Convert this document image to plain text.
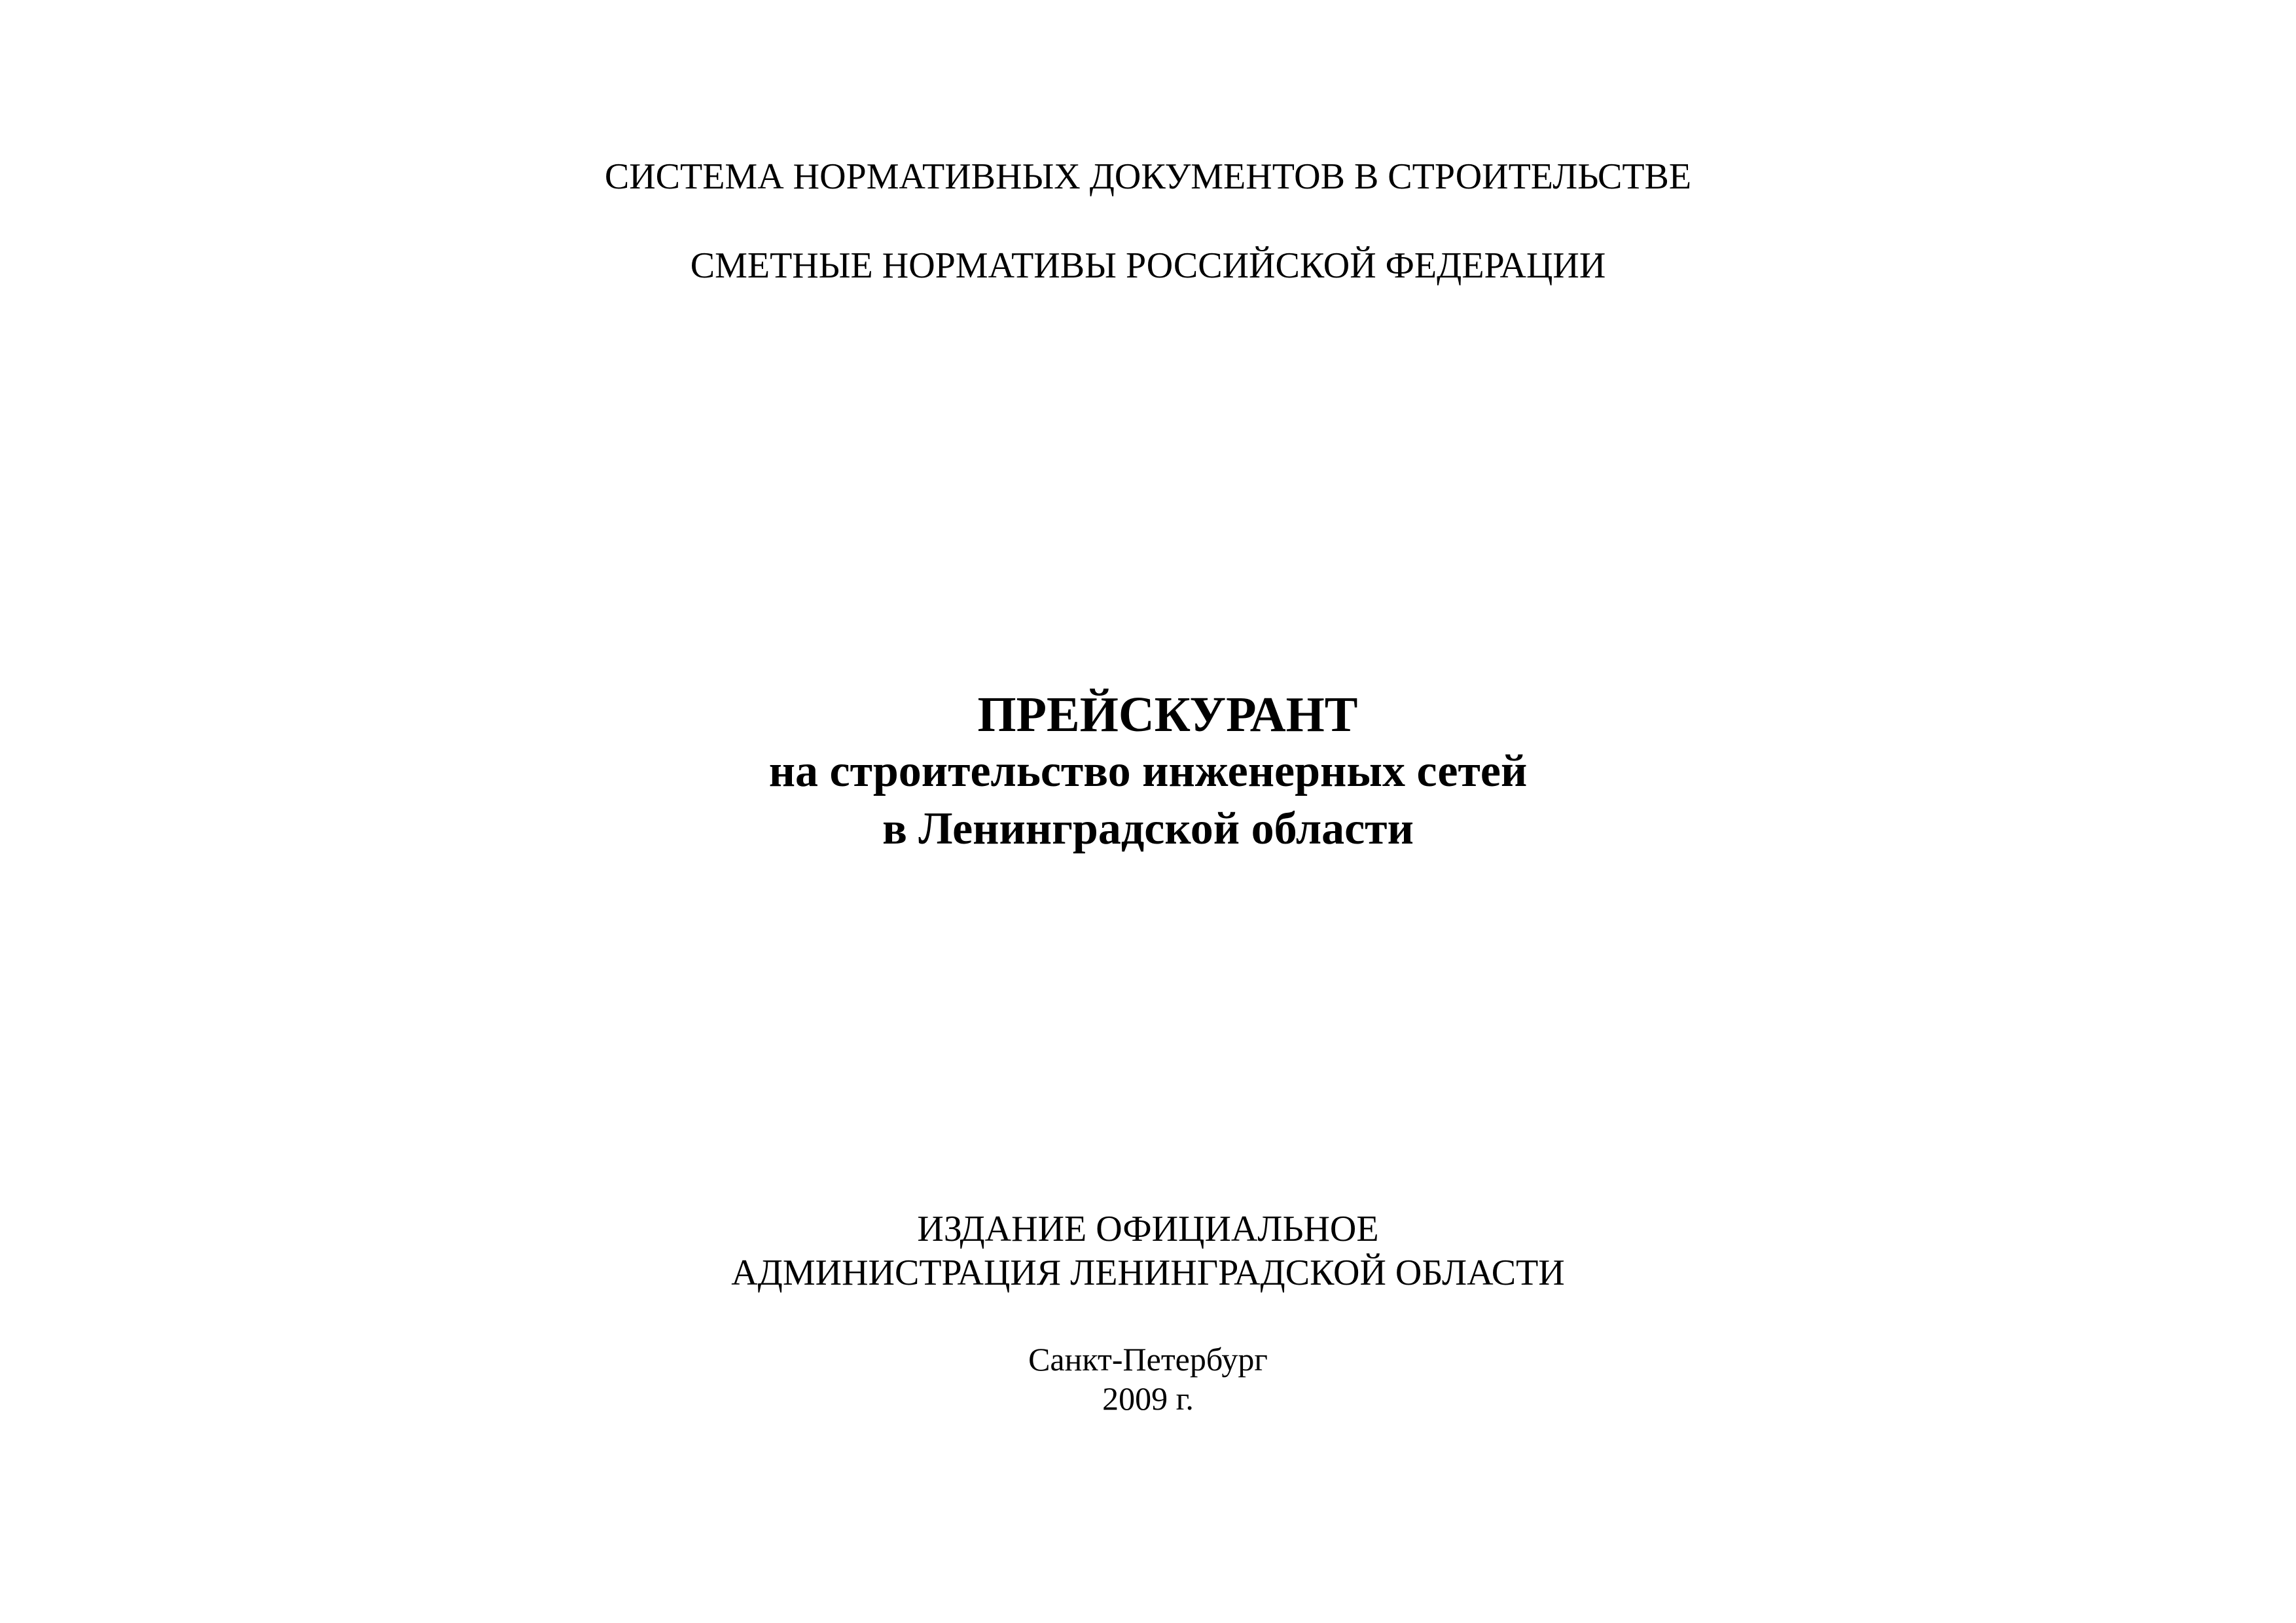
СИСТЕМА НОРМАТИВНЫХ ДОКУМЕНТОВ В СТРОИТЕЛЬСТВЕ
СМЕТНЫЕ НОРМАТИВЫ РОССИЙСКОЙ ФЕДЕРАЦИИ
ПРЕЙСКУРАНТ
на строительство инженерных сетей
в Ленинградской области
ИЗДАНИЕ ОФИЦИАЛЬНОЕ
АДМИНИСТРАЦИЯ ЛЕНИНГРАДСКОЙ ОБЛАСТИ
Санкт-Петербург
2009 г.
